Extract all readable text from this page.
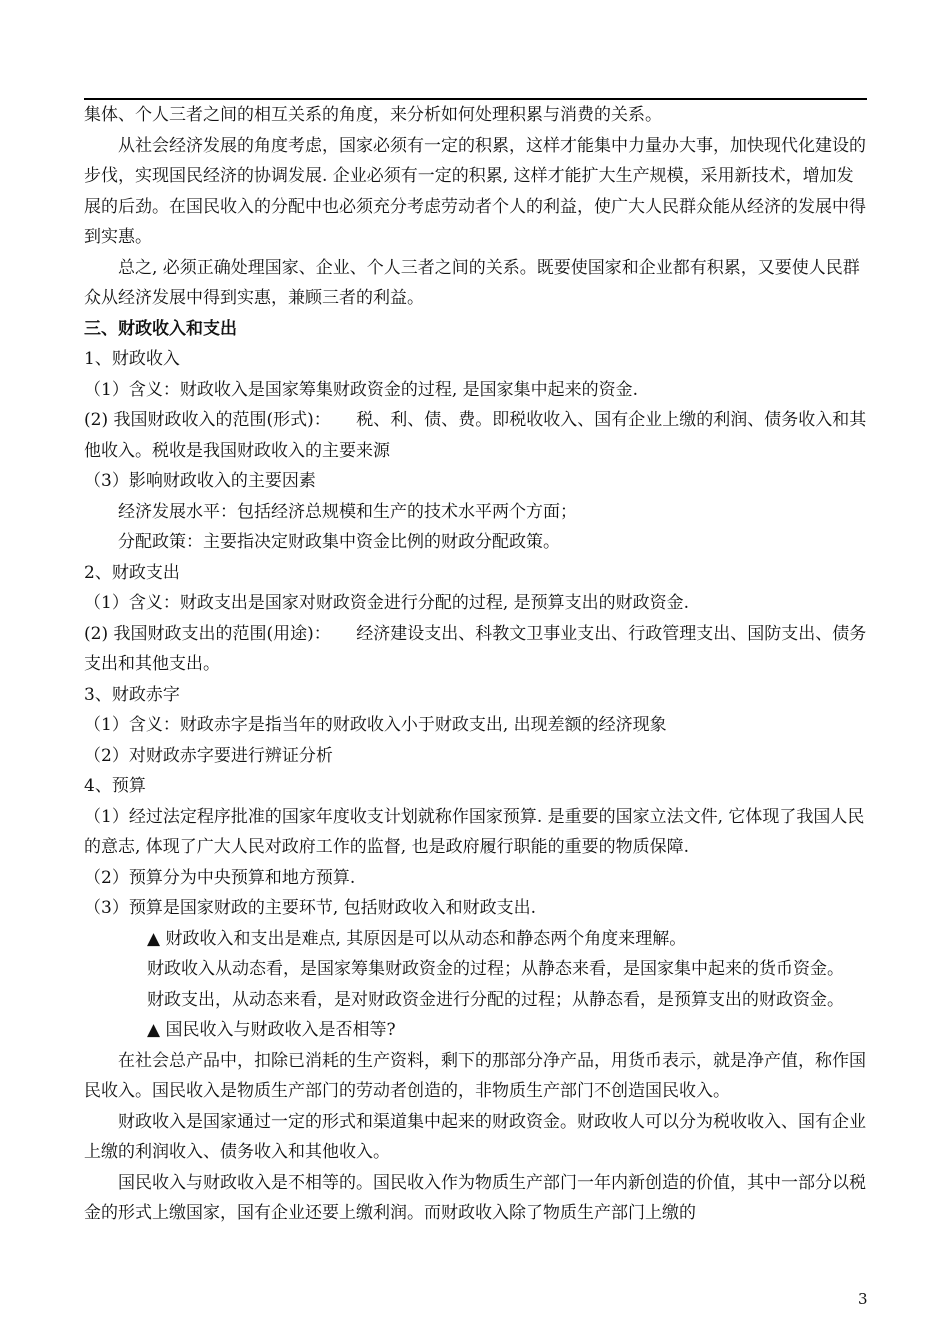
集体、个人三者之间的相互关系的角度，来分析如何处理积累与消费的关系。

从社会经济发展的角度考虑，国家必须有一定的积累，这样才能集中力量办大事，加快现代化建设的步伐，实现国民经济的协调发展. 企业必须有一定的积累, 这样才能扩大生产规模，采用新技术，增加发展的后劲。在国民收入的分配中也必须充分考虑劳动者个人的利益，使广大人民群众能从经济的发展中得到实惠。

总之, 必须正确处理国家、企业、个人三者之间的关系。既要使国家和企业都有积累，又要使人民群众从经济发展中得到实惠，兼顾三者的利益。

三、财政收入和支出

1、财政收入

（1）含义：财政收入是国家筹集财政资金的过程, 是国家集中起来的资金.

(2) 我国财政收入的范围(形式)：　　税、利、债、费。即税收收入、国有企业上缴的利润、债务收入和其他收入。税收是我国财政收入的主要来源

（3）影响财政收入的主要因素

经济发展水平：包括经济总规模和生产的技术水平两个方面；

分配政策：主要指决定财政集中资金比例的财政分配政策。

2、财政支出

（1）含义：财政支出是国家对财政资金进行分配的过程, 是预算支出的财政资金.

(2) 我国财政支出的范围(用途)：　　经济建设支出、科教文卫事业支出、行政管理支出、国防支出、债务支出和其他支出。

3、财政赤字

（1）含义：财政赤字是指当年的财政收入小于财政支出, 出现差额的经济现象

（2）对财政赤字要进行辨证分析

4、预算

（1）经过法定程序批准的国家年度收支计划就称作国家预算. 是重要的国家立法文件, 它体现了我国人民的意志, 体现了广大人民对政府工作的监督, 也是政府履行职能的重要的物质保障.

（2）预算分为中央预算和地方预算.

（3）预算是国家财政的主要环节, 包括财政收入和财政支出.

▲ 财政收入和支出是难点, 其原因是可以从动态和静态两个角度来理解。

财政收入从动态看，是国家筹集财政资金的过程；从静态来看，是国家集中起来的货币资金。

财政支出，从动态来看，是对财政资金进行分配的过程；从静态看，是预算支出的财政资金。

▲ 国民收入与财政收入是否相等?

在社会总产品中，扣除已消耗的生产资料，剩下的那部分净产品，用货币表示，就是净产值，称作国民收入。国民收入是物质生产部门的劳动者创造的，非物质生产部门不创造国民收入。

财政收入是国家通过一定的形式和渠道集中起来的财政资金。财政收人可以分为税收收入、国有企业上缴的利润收入、债务收入和其他收入。

国民收入与财政收入是不相等的。国民收入作为物质生产部门一年内新创造的价值，其中一部分以税金的形式上缴国家，国有企业还要上缴利润。而财政收入除了物质生产部门上缴的

3
